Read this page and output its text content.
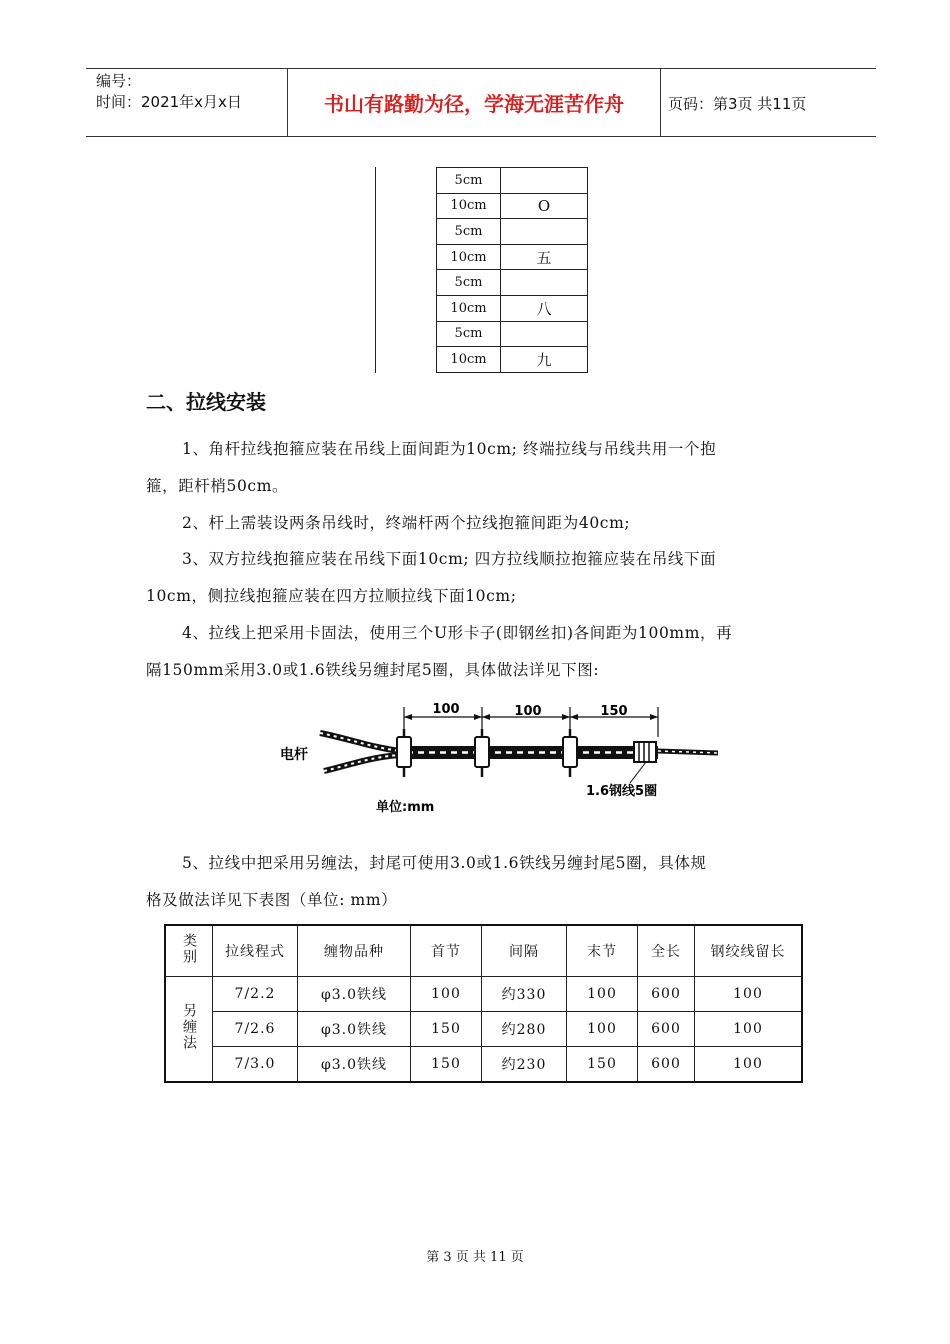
编号：
时间：2021年x月x日	书山有路勤为径，学海无涯苦作舟	页码：第3页 共11页
5cm	
10cm	O
5cm	
10cm	五
5cm	
10cm	八
5cm	
10cm	九
二、拉线安装
1、角杆拉线抱箍应装在吊线上面间距为10cm; 终端拉线与吊线共用一个抱
箍，距杆梢50cm。
2、杆上需装设两条吊线时，终端杆两个拉线抱箍间距为40cm;
3、双方拉线抱箍应装在吊线下面10cm; 四方拉线顺拉抱箍应装在吊线下面
10cm，侧拉线抱箍应装在四方拉顺拉线下面10cm;
4、拉线上把采用卡固法，使用三个U形卡子(即钢丝扣)各间距为100mm，再
隔150mm采用3.0或1.6铁线另缠封尾5圈，具体做法详见下图:
100	100	150
电杆
1.6钢线5圈
单位:mm
5、拉线中把采用另缠法，封尾可使用3.0或1.6铁线另缠封尾5圈，具体规
格及做法详见下表图（单位: mm）
类别	拉线程式	缠物品种	首节	间隔	末节	全长	钢绞线留长
另缠法	7/2.2	φ3.0铁线	100	约330	100	600	100
	7/2.6	φ3.0铁线	150	约280	100	600	100
	7/3.0	φ3.0铁线	150	约230	150	600	100
第 3 页 共 11 页
